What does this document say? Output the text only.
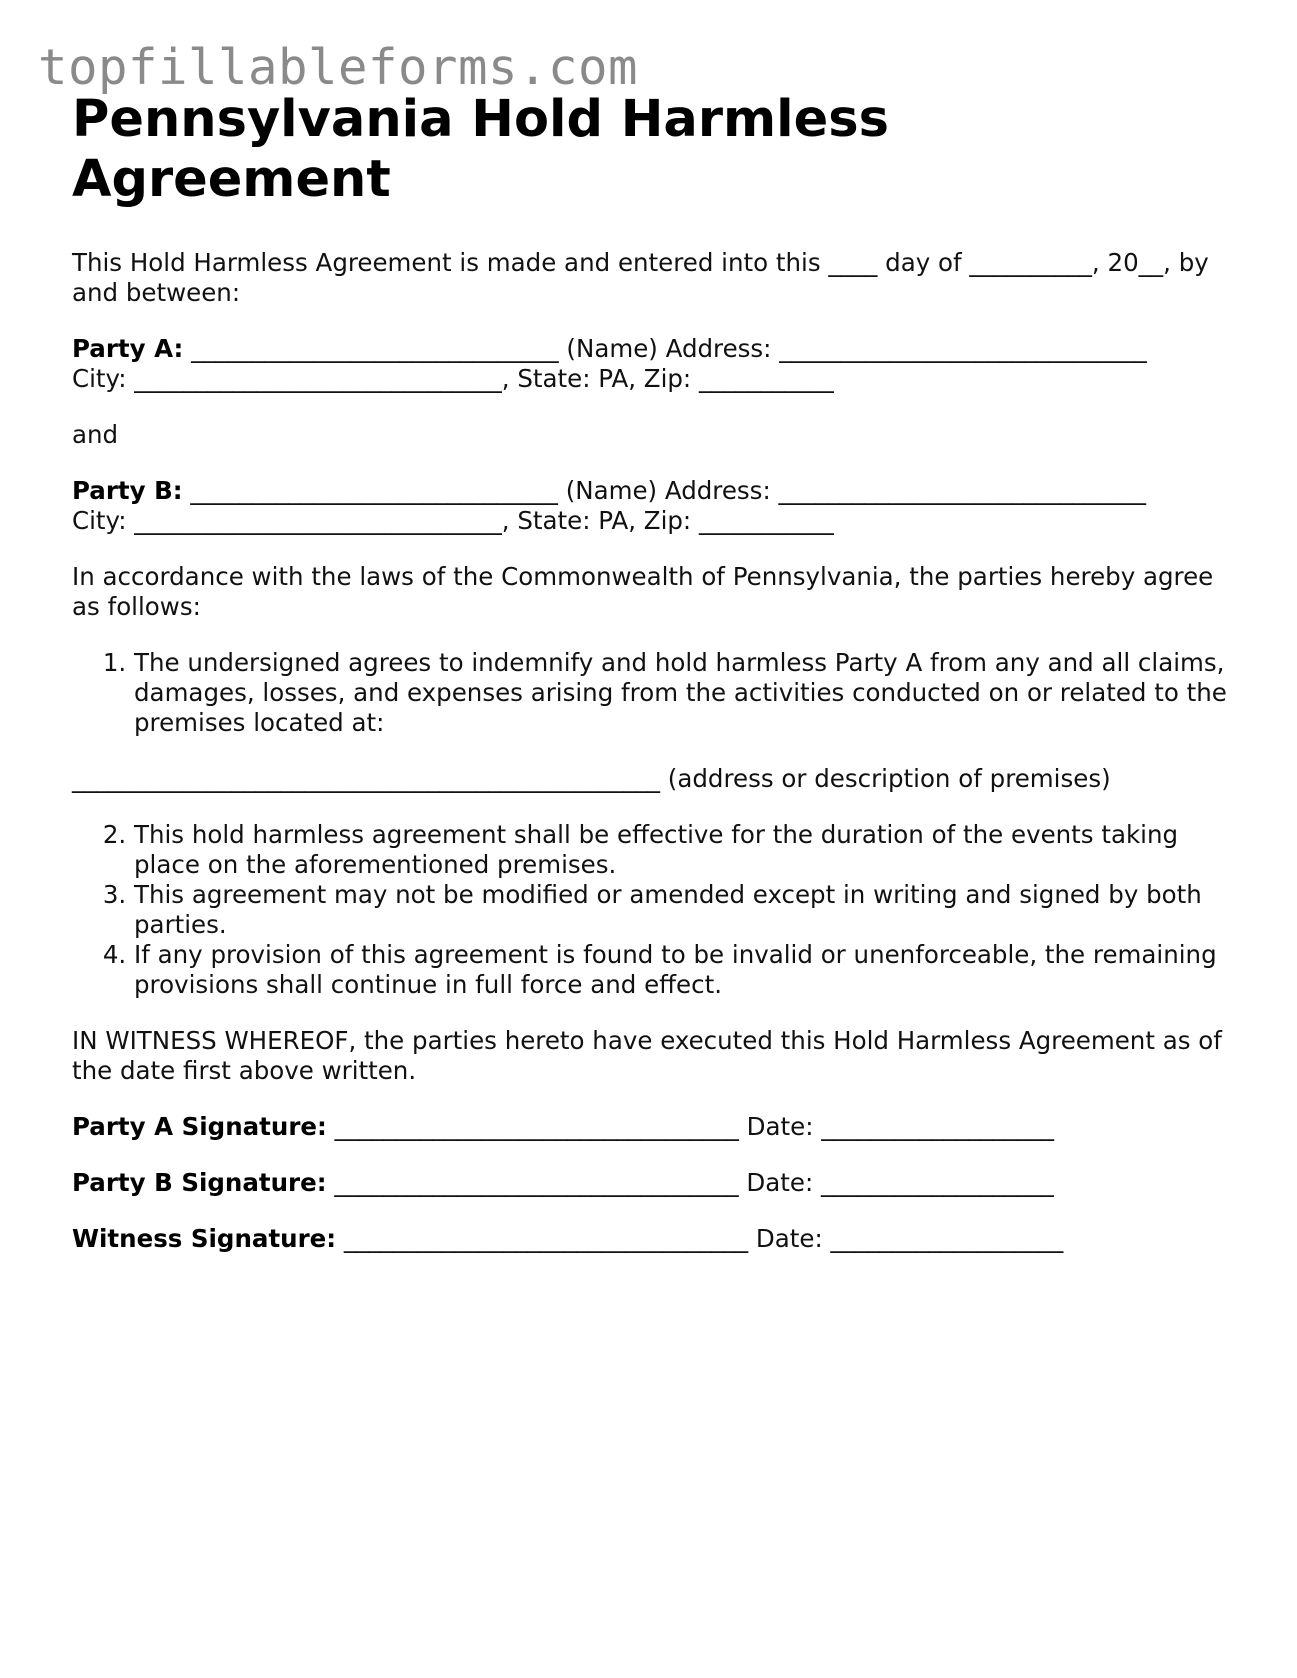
topfillableforms.com
Pennsylvania Hold Harmless Agreement

This Hold Harmless Agreement is made and entered into this ____ day of __________, 20__, by and between:

Party A: ______________________________ (Name) Address: ______________________________
City: ______________________________, State: PA, Zip: ___________

and

Party B: ______________________________ (Name) Address: ______________________________
City: ______________________________, State: PA, Zip: ___________

In accordance with the laws of the Commonwealth of Pennsylvania, the parties hereby agree as follows:

1. The undersigned agrees to indemnify and hold harmless Party A from any and all claims, damages, losses, and expenses arising from the activities conducted on or related to the premises located at:

________________________________________________ (address or description of premises)

2. This hold harmless agreement shall be effective for the duration of the events taking place on the aforementioned premises.
3. This agreement may not be modified or amended except in writing and signed by both parties.
4. If any provision of this agreement is found to be invalid or unenforceable, the remaining provisions shall continue in full force and effect.

IN WITNESS WHEREOF, the parties hereto have executed this Hold Harmless Agreement as of the date first above written.

Party A Signature: _________________________________ Date: ___________________

Party B Signature: _________________________________ Date: ___________________

Witness Signature: _________________________________ Date: ___________________
